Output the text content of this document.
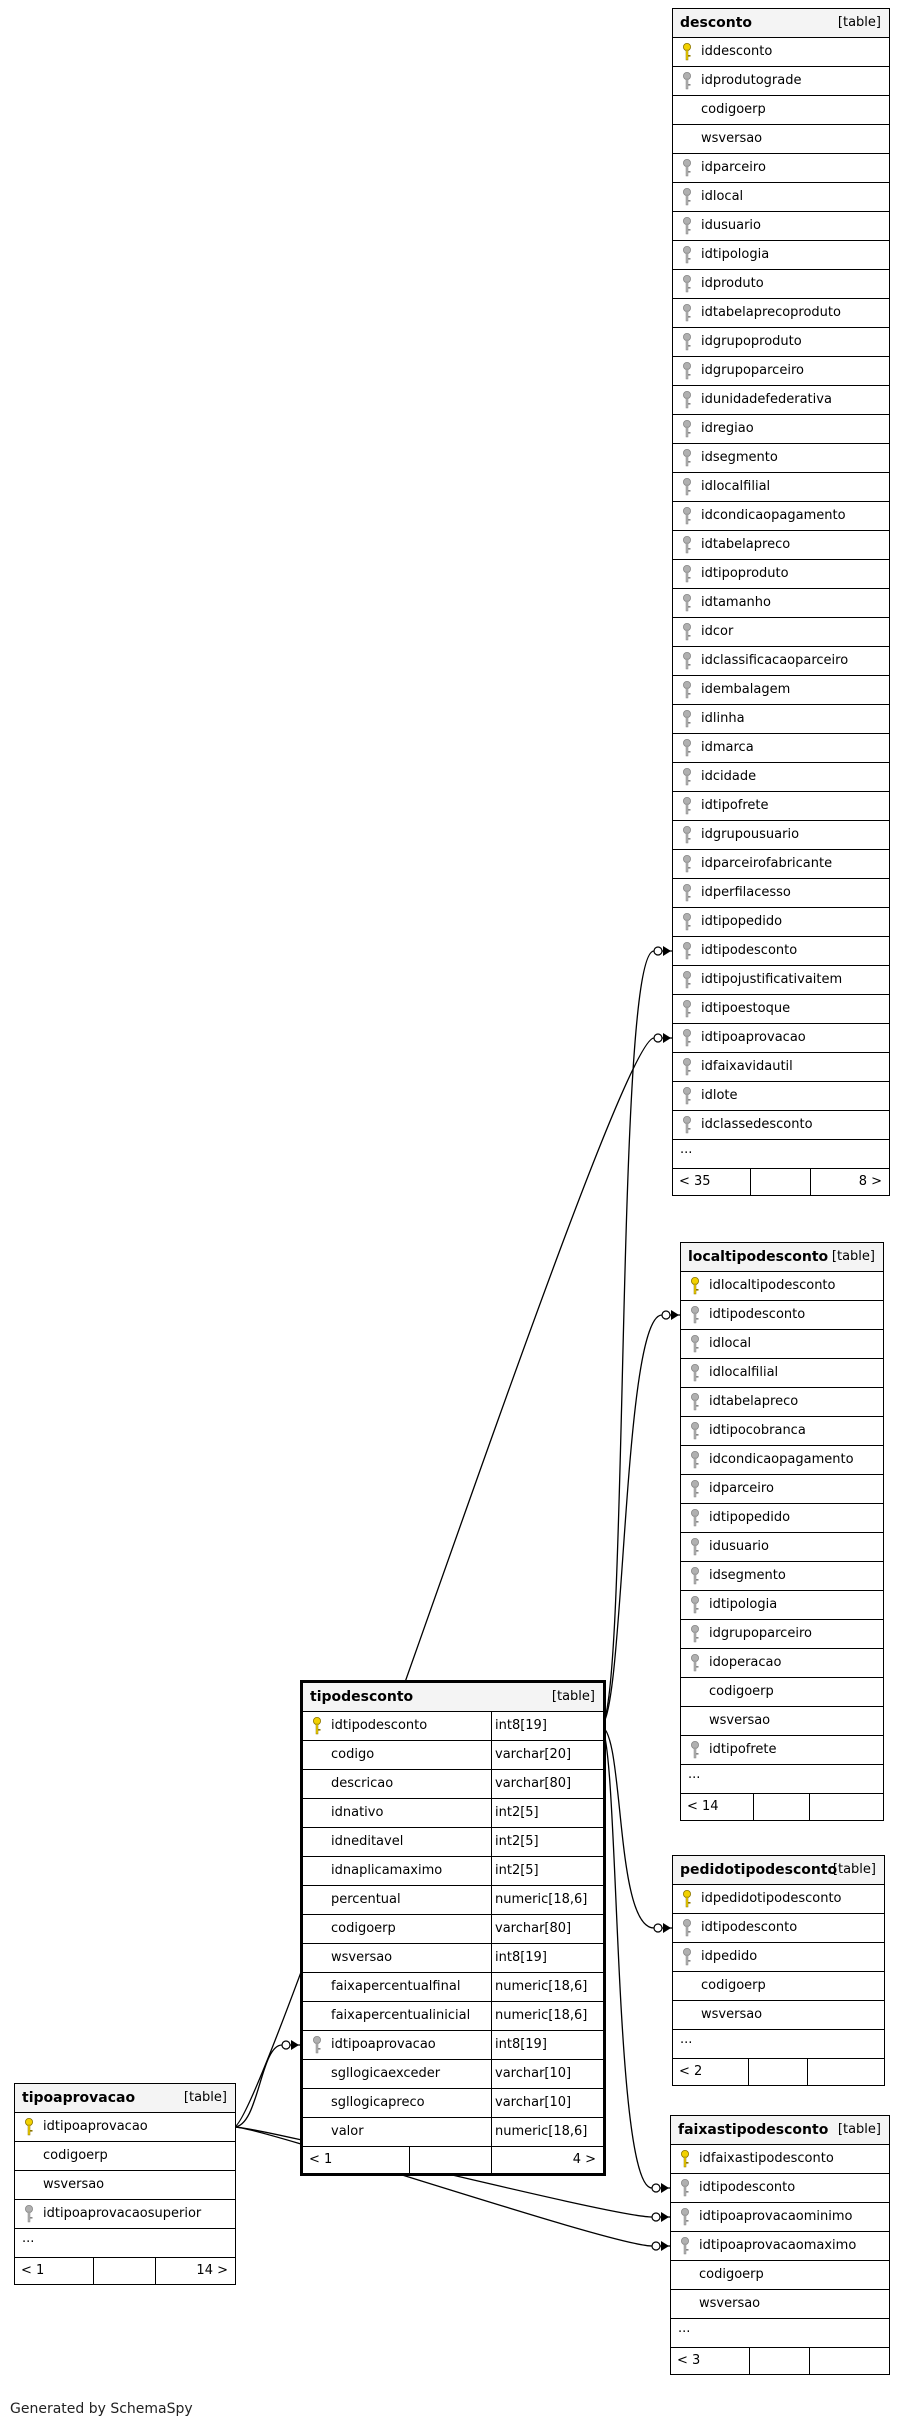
desconto	[table]
iddesconto
idprodutograde
codigoerp
wsversao
idparceiro
idlocal
idusuario
idtipologia
idproduto
idtabelaprecoproduto
idgrupoproduto
idgrupoparceiro
idunidadefederativa
idregiao
idsegmento
idlocalfilial
idcondicaopagamento
idtabelapreco
idtipoproduto
idtamanho
idcor
idclassificacaoparceiro
idembalagem
idlinha
idmarca
idcidade
idtipofrete
idgrupousuario
idparceirofabricante
idperfilacesso
idtipopedido
idtipodesconto
idtipojustificativaitem
idtipoestoque
idtipoaprovacao
idfaixavidautil
idlote
idclassedesconto
...
< 35	8 >
localtipodesconto [table]
idlocaltipodesconto
idtipodesconto
idlocal
idlocalfilial
idtabelapreco
idtipocobranca
idcondicaopagamento
idparceiro
idtipopedido
idusuario
idsegmento
idtipologia
idgrupoparceiro
idoperacao
codigoerp
wsversao
idtipofrete
...
< 14
tipodesconto	[table]
idtipodesconto	int8[19]
codigo	varchar[20]
descricao	varchar[80]
idnativo	int2[5]
idneditavel	int2[5]
idnaplicamaximo	int2[5]
percentual	numeric[18,6]
codigoerp	varchar[80]
wsversao	int8[19]
faixapercentualfinal	numeric[18,6]
faixapercentualinicial numeric[18,6]
idtipoaprovacao	int8[19]
sgllogicaexceder	varchar[10]
sgllogicapreco	varchar[10]
valor	numeric[18,6]
< 1	4 >
pedidotipodesconto
[table]
idpedidotipodesconto
idtipodesconto
idpedido
codigoerp
wsversao
...
< 2
tipoaprovacao	[table]
idtipoaprovacao
codigoerp
wsversao
idtipoaprovacaosuperior
...
< 1	14 >
faixastipodesconto [table]
idfaixastipodesconto
idtipodesconto
idtipoaprovacaominimo
idtipoaprovacaomaximo
codigoerp
wsversao
...
< 3
Generated by SchemaSpy
